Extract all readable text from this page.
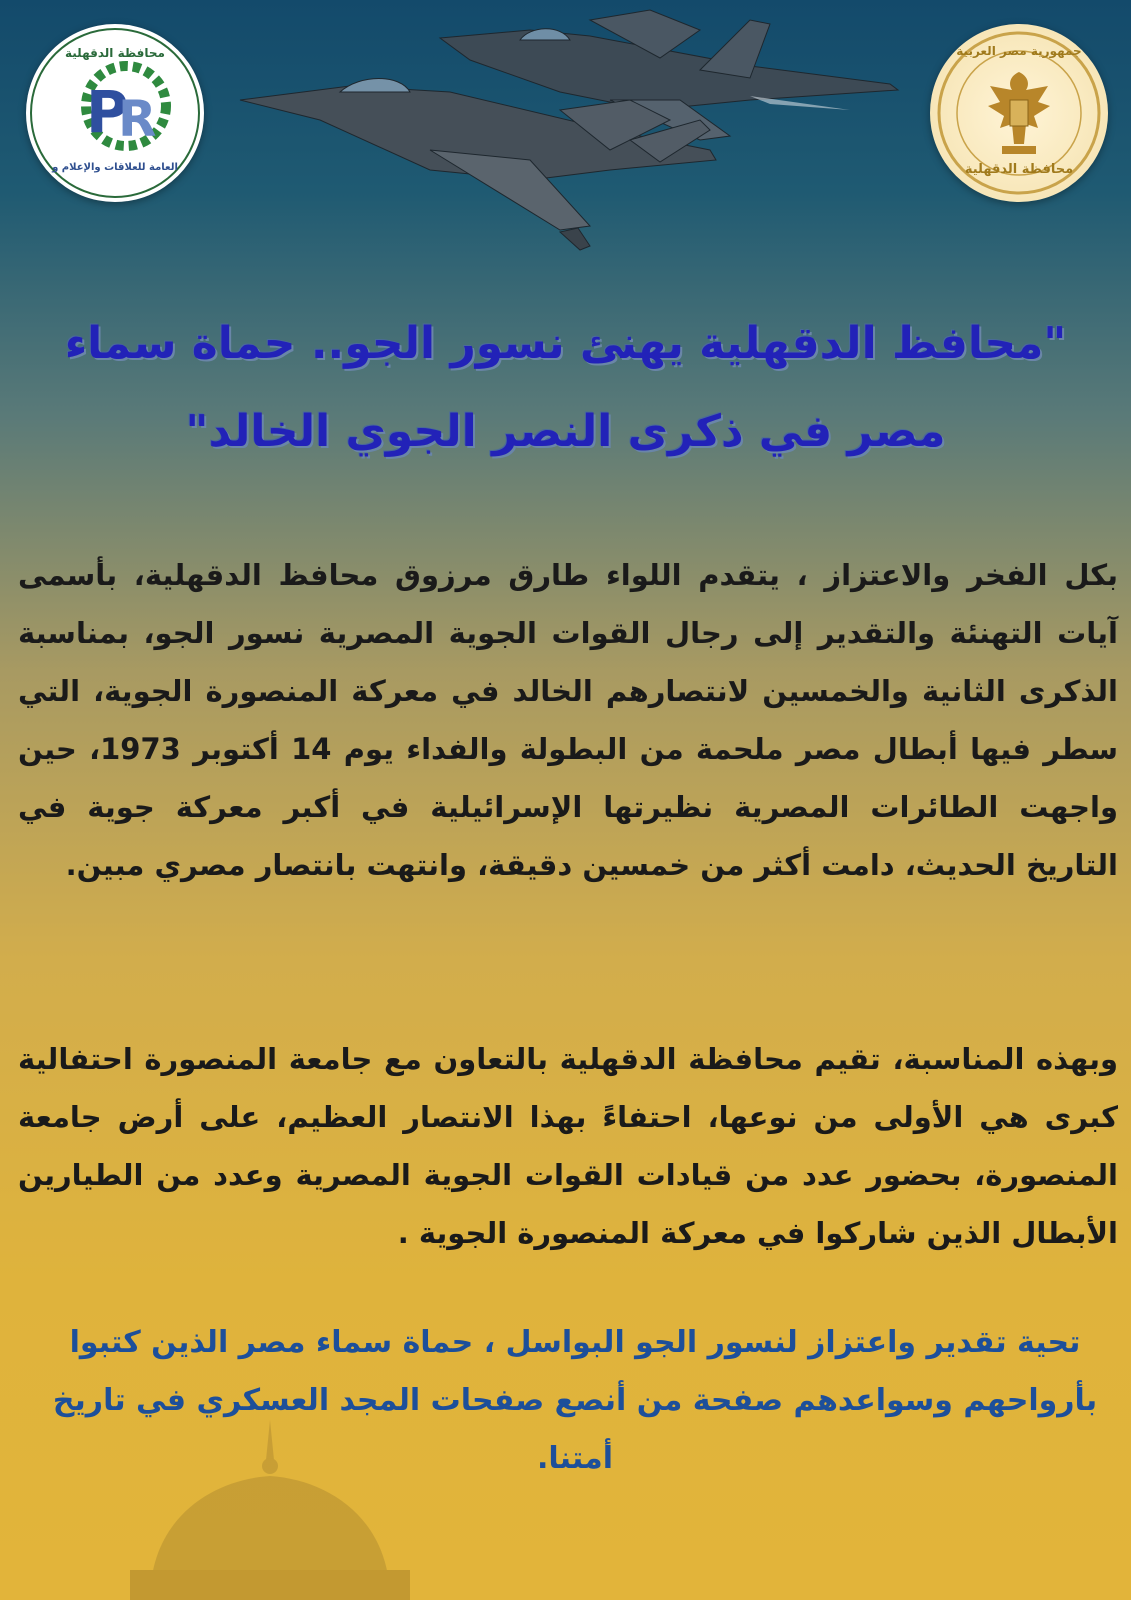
P
R
محافظة الدقهلية
العامة للعلاقات والإعلام و
جمهورية مصر العربية
محافظة الدقهلية
"محافظ الدقهلية يهنئ نسور الجو.. حماة سماء مصر في ذكرى النصر الجوي الخالد"

بكل الفخر والاعتزاز ، يتقدم اللواء طارق مرزوق محافظ الدقهلية، بأسمى آيات التهنئة والتقدير إلى رجال القوات الجوية المصرية نسور الجو، بمناسبة الذكرى الثانية والخمسين لانتصارهم الخالد في معركة المنصورة الجوية، التي سطر فيها أبطال مصر ملحمة من البطولة والفداء يوم 14 أكتوبر 1973، حين واجهت الطائرات المصرية نظيرتها الإسرائيلية في أكبر معركة جوية في التاريخ الحديث، دامت أكثر من خمسين دقيقة، وانتهت بانتصار مصري مبين.

وبهذه المناسبة، تقيم محافظة الدقهلية بالتعاون مع جامعة المنصورة احتفالية كبرى هي الأولى من نوعها، احتفاءً بهذا الانتصار العظيم، على أرض جامعة المنصورة، بحضور عدد من قيادات القوات الجوية المصرية وعدد من الطيارين الأبطال الذين شاركوا في معركة المنصورة الجوية .

تحية تقدير واعتزاز لنسور الجو البواسل ، حماة سماء مصر الذين كتبوا بأرواحهم وسواعدهم صفحة من أنصع صفحات المجد العسكري في تاريخ أمتنا.
